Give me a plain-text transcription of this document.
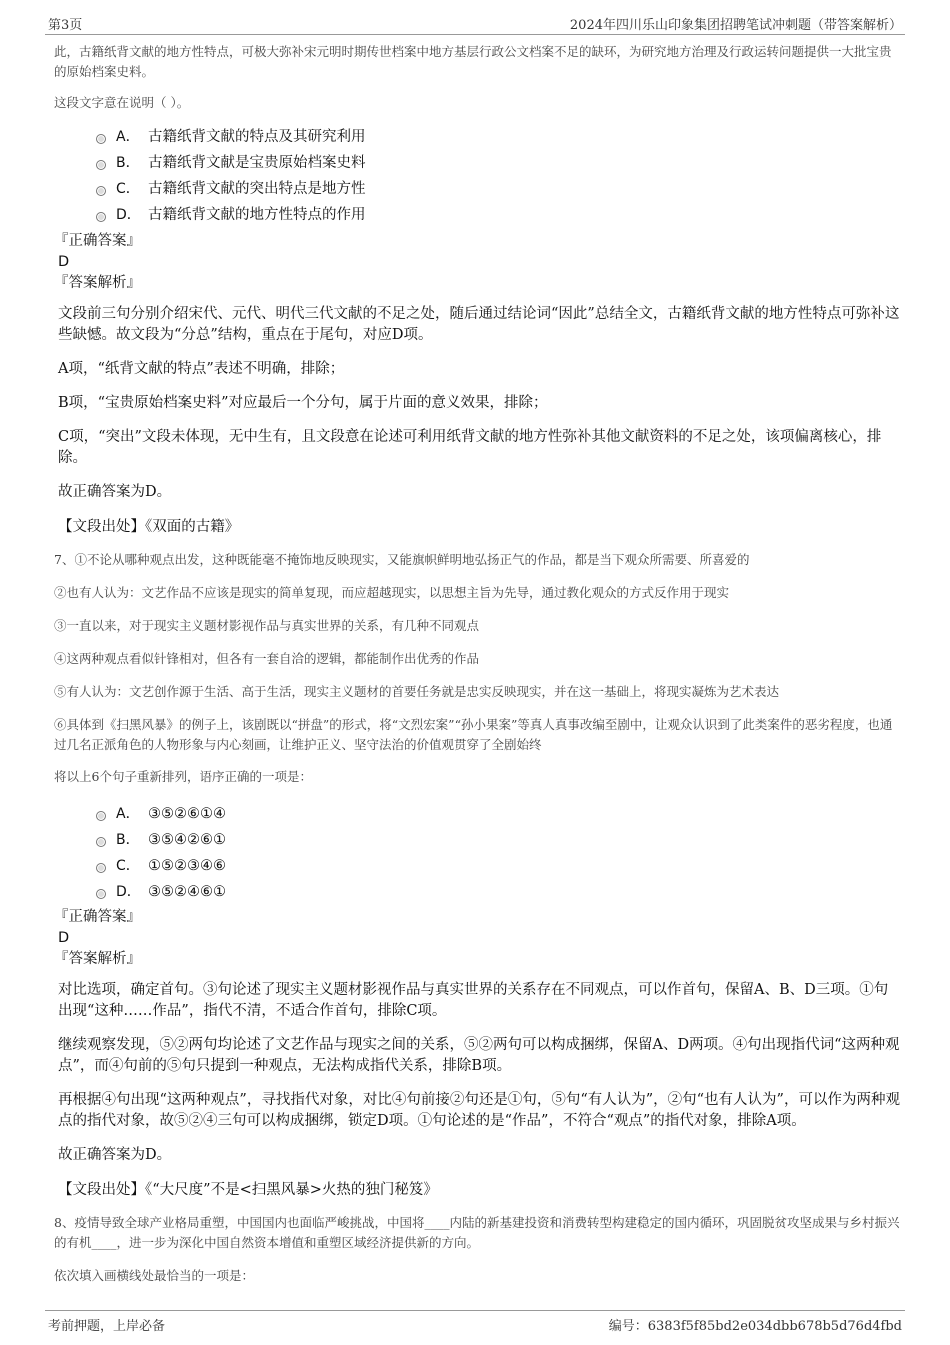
第3页	2024年四川乐山印象集团招聘笔试冲刺题（带答案解析）

此，古籍纸背文献的地方性特点，可极大弥补宋元明时期传世档案中地方基层行政公文档案不足的缺环，为研究地方治理及行政运转问题提供一大批宝贵的原始档案史料。

这段文字意在说明（ ）。

A． 古籍纸背文献的特点及其研究利用
B． 古籍纸背文献是宝贵原始档案史料
C． 古籍纸背文献的突出特点是地方性
D． 古籍纸背文献的地方性特点的作用

『正确答案』

D

『答案解析』

文段前三句分别介绍宋代、元代、明代三代文献的不足之处，随后通过结论词“因此”总结全文，古籍纸背文献的地方性特点可弥补这些缺憾。故文段为“分总”结构，重点在于尾句，对应D项。

A项，“纸背文献的特点”表述不明确，排除；

B项，“宝贵原始档案史料”对应最后一个分句，属于片面的意义效果，排除；

C项，“突出”文段未体现，无中生有，且文段意在论述可利用纸背文献的地方性弥补其他文献资料的不足之处，该项偏离核心，排除。

故正确答案为D。

【文段出处】《双面的古籍》

7、①不论从哪种观点出发，这种既能毫不掩饰地反映现实，又能旗帜鲜明地弘扬正气的作品，都是当下观众所需要、所喜爱的

②也有人认为：文艺作品不应该是现实的简单复现，而应超越现实，以思想主旨为先导，通过教化观众的方式反作用于现实

③一直以来，对于现实主义题材影视作品与真实世界的关系，有几种不同观点

④这两种观点看似针锋相对，但各有一套自洽的逻辑，都能制作出优秀的作品

⑤有人认为：文艺创作源于生活、高于生活，现实主义题材的首要任务就是忠实反映现实，并在这一基础上，将现实凝炼为艺术表达

⑥具体到《扫黑风暴》的例子上，该剧既以“拼盘”的形式，将“文烈宏案”“孙小果案”等真人真事改编至剧中，让观众认识到了此类案件的恶劣程度，也通过几名正派角色的人物形象与内心刻画，让维护正义、坚守法治的价值观贯穿了全剧始终

将以上6个句子重新排列，语序正确的一项是：

A． ③⑤②⑥①④
B． ③⑤④②⑥①
C． ①⑤②③④⑥
D． ③⑤②④⑥①

『正确答案』

D

『答案解析』

对比选项，确定首句。③句论述了现实主义题材影视作品与真实世界的关系存在不同观点，可以作首句，保留A、B、D三项。①句出现“这种……作品”，指代不清，不适合作首句，排除C项。

继续观察发现，⑤②两句均论述了文艺作品与现实之间的关系，⑤②两句可以构成捆绑，保留A、D两项。④句出现指代词“这两种观点”，而④句前的⑤句只提到一种观点，无法构成指代关系，排除B项。

再根据④句出现“这两种观点”，寻找指代对象，对比④句前接②句还是①句，⑤句“有人认为”，②句“也有人认为”，可以作为两种观点的指代对象，故⑤②④三句可以构成捆绑，锁定D项。①句论述的是“作品”，不符合“观点”的指代对象，排除A项。

故正确答案为D。

【文段出处】《“大尺度”不是<扫黑风暴>火热的独门秘笈》

8、疫情导致全球产业格局重塑，中国国内也面临严峻挑战，中国将____内陆的新基建投资和消费转型构建稳定的国内循环，巩固脱贫攻坚成果与乡村振兴的有机____，进一步为深化中国自然资本增值和重塑区域经济提供新的方向。

依次填入画横线处最恰当的一项是：

考前押题，上岸必备	编号：6383f5f85bd2e034dbb678b5d76d4fbd
